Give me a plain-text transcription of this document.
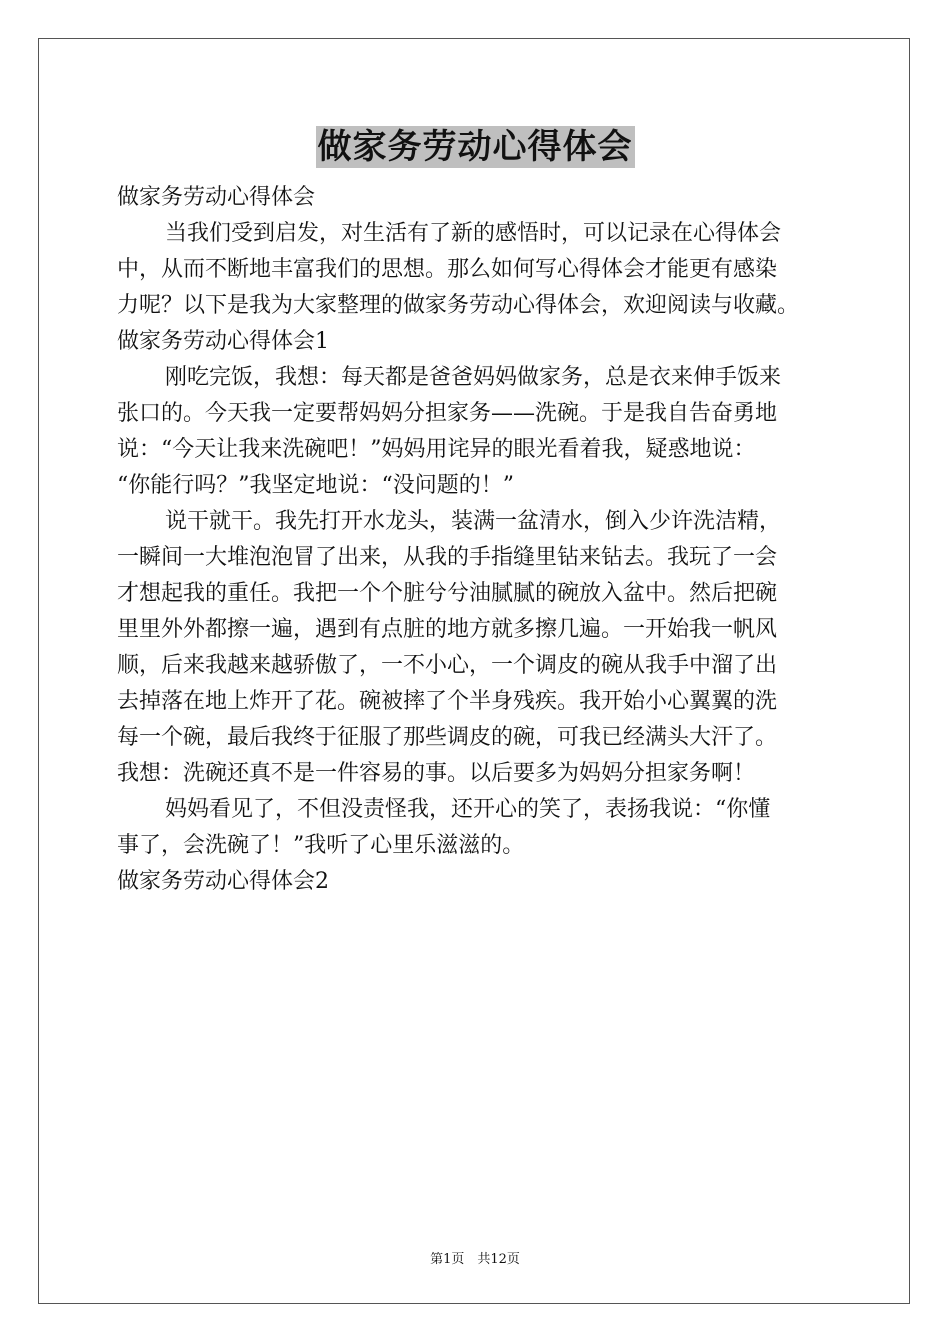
做家务劳动心得体会
做家务劳动心得体会
当我们受到启发，对生活有了新的感悟时，可以记录在心得体会
中，从而不断地丰富我们的思想。那么如何写心得体会才能更有感染
力呢？以下是我为大家整理的做家务劳动心得体会，欢迎阅读与收藏。
做家务劳动心得体会1
刚吃完饭，我想：每天都是爸爸妈妈做家务，总是衣来伸手饭来
张口的。今天我一定要帮妈妈分担家务——洗碗。于是我自告奋勇地
说：“今天让我来洗碗吧！”妈妈用诧异的眼光看着我，疑惑地说：
“你能行吗？”我坚定地说：“没问题的！”
说干就干。我先打开水龙头，装满一盆清水，倒入少许洗洁精，
一瞬间一大堆泡泡冒了出来，从我的手指缝里钻来钻去。我玩了一会
才想起我的重任。我把一个个脏兮兮油腻腻的碗放入盆中。然后把碗
里里外外都擦一遍，遇到有点脏的地方就多擦几遍。一开始我一帆风
顺，后来我越来越骄傲了，一不小心，一个调皮的碗从我手中溜了出
去掉落在地上炸开了花。碗被摔了个半身残疾。我开始小心翼翼的洗
每一个碗，最后我终于征服了那些调皮的碗，可我已经满头大汗了。
我想：洗碗还真不是一件容易的事。以后要多为妈妈分担家务啊！
妈妈看见了，不但没责怪我，还开心的笑了，表扬我说：“你懂
事了，会洗碗了！”我听了心里乐滋滋的。
做家务劳动心得体会2
第1页　共12页
